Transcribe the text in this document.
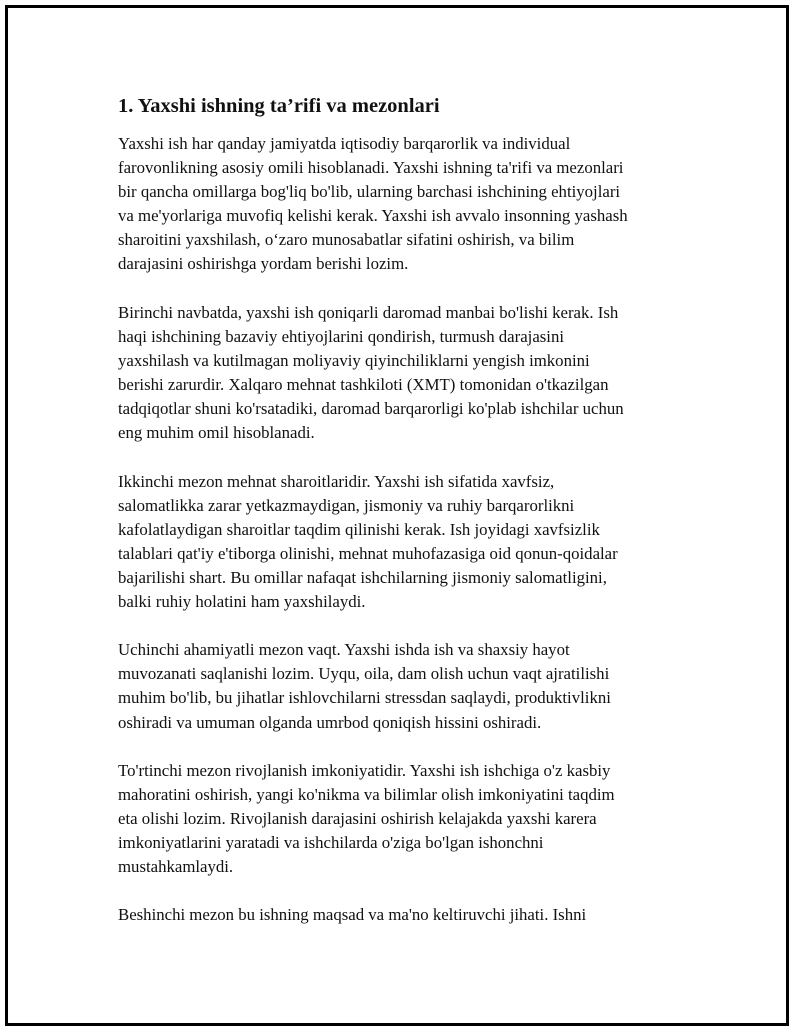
1. Yaxshi ishning ta’rifi va mezonlari

Yaxshi ish har qanday jamiyatda iqtisodiy barqarorlik va individual
farovonlikning asosiy omili hisoblanadi. Yaxshi ishning ta'rifi va mezonlari
bir qancha omillarga bog'liq bo'lib, ularning barchasi ishchining ehtiyojlari
va me'yorlariga muvofiq kelishi kerak. Yaxshi ish avvalo insonning yashash
sharoitini yaxshilash, o‘zaro munosabatlar sifatini oshirish, va bilim
darajasini oshirishga yordam berishi lozim.

Birinchi navbatda, yaxshi ish qoniqarli daromad manbai bo'lishi kerak. Ish
haqi ishchining bazaviy ehtiyojlarini qondirish, turmush darajasini
yaxshilash va kutilmagan moliyaviy qiyinchiliklarni yengish imkonini
berishi zarurdir. Xalqaro mehnat tashkiloti (XMT) tomonidan o'tkazilgan
tadqiqotlar shuni ko'rsatadiki, daromad barqarorligi ko'plab ishchilar uchun
eng muhim omil hisoblanadi.

Ikkinchi mezon mehnat sharoitlaridir. Yaxshi ish sifatida xavfsiz,
salomatlikka zarar yetkazmaydigan, jismoniy va ruhiy barqarorlikni
kafolatlaydigan sharoitlar taqdim qilinishi kerak. Ish joyidagi xavfsizlik
talablari qat'iy e'tiborga olinishi, mehnat muhofazasiga oid qonun-qoidalar
bajarilishi shart. Bu omillar nafaqat ishchilarning jismoniy salomatligini,
balki ruhiy holatini ham yaxshilaydi.

Uchinchi ahamiyatli mezon vaqt. Yaxshi ishda ish va shaxsiy hayot
muvozanati saqlanishi lozim. Uyqu, oila, dam olish uchun vaqt ajratilishi
muhim bo'lib, bu jihatlar ishlovchilarni stressdan saqlaydi, produktivlikni
oshiradi va umuman olganda umrbod qoniqish hissini oshiradi.

To'rtinchi mezon rivojlanish imkoniyatidir. Yaxshi ish ishchiga o'z kasbiy
mahoratini oshirish, yangi ko'nikma va bilimlar olish imkoniyatini taqdim
eta olishi lozim. Rivojlanish darajasini oshirish kelajakda yaxshi karera
imkoniyatlarini yaratadi va ishchilarda o'ziga bo'lgan ishonchni
mustahkamlaydi.

Beshinchi mezon bu ishning maqsad va ma'no keltiruvchi jihati. Ishni
